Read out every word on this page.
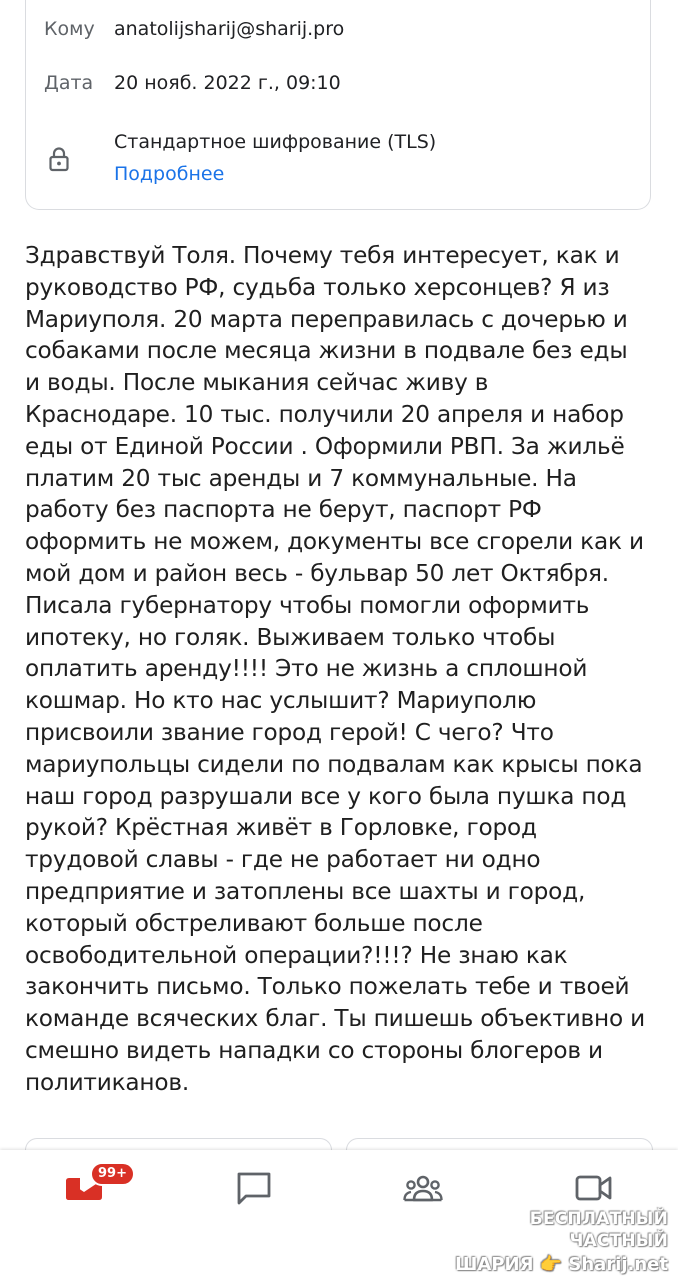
Кому anatolijsharij@sharij.pro
Дата 20 нояб. 2022 г., 09:10
Стандартное шифрование (TLS)
Подробнее
Здравствуй Толя. Почему тебя интересует, как и
руководство РФ, судьба только херсонцев? Я из
Мариуполя. 20 марта переправилась с дочерью и
собаками после месяца жизни в подвале без еды
и воды. После мыкания сейчас живу в
Краснодаре. 10 тыс. получили 20 апреля и набор
еды от Единой России . Оформили РВП. За жильё
платим 20 тыс аренды и 7 коммунальные. На
работу без паспорта не берут, паспорт РФ
оформить не можем, документы все сгорели как и
мой дом и район весь - бульвар 50 лет Октября.
Писала губернатору чтобы помогли оформить
ипотеку, но голяк. Выживаем только чтобы
оплатить аренду!!!! Это не жизнь а сплошной
кошмар. Но кто нас услышит? Мариуполю
присвоили звание город герой! С чего? Что
мариупольцы сидели по подвалам как крысы пока
наш город разрушали все у кого была пушка под
рукой? Крёстная живёт в Горловке, город
трудовой славы - где не работает ни одно
предприятие и затоплены все шахты и город,
который обстреливают больше после
освободительной операции?!!!? Не знаю как
закончить письмо. Только пожелать тебе и твоей
команде всяческих благ. Ты пишешь объективно и
смешно видеть нападки со стороны блогеров и
политиканов.
99+
БЕСПЛАТНЫЙ ЧАСТНЫЙ
ШАРИЯ 👉 Sharij.net
